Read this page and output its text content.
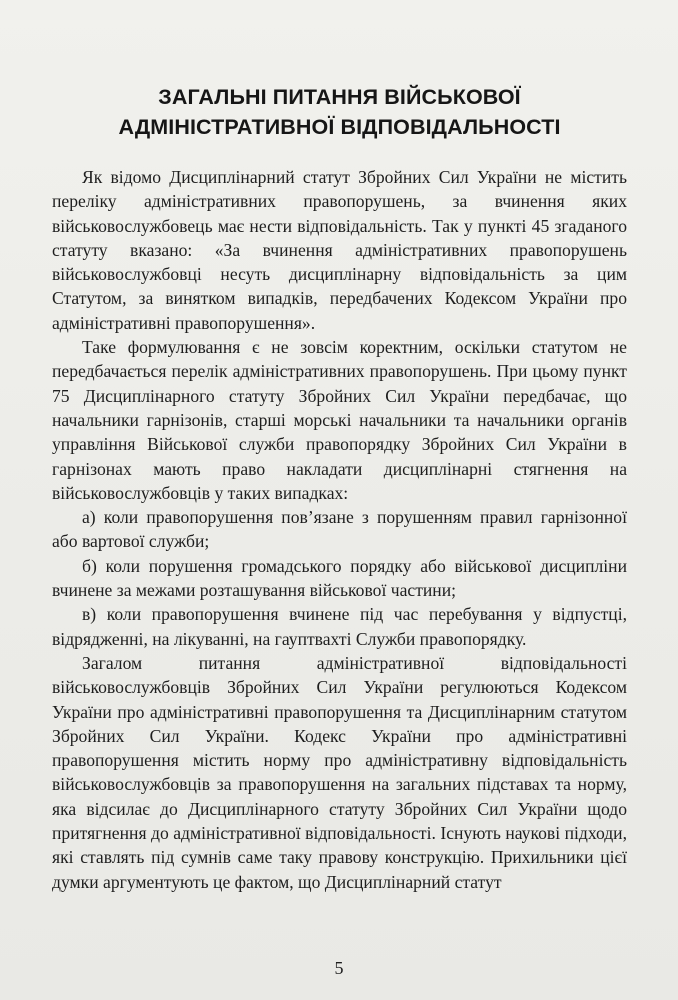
ЗАГАЛЬНІ ПИТАННЯ ВІЙСЬКОВОЇ
АДМІНІСТРАТИВНОЇ ВІДПОВІДАЛЬНОСТІ

Як відомо Дисциплінарний статут Збройних Сил України не містить переліку адміністративних правопорушень, за вчинення яких військовослужбовець має нести відповідальність. Так у пункті 45 згаданого статуту вказано: «За вчинення адміністративних правопорушень військовослужбовці несуть дисциплінарну відповідальність за цим Статутом, за винятком випадків, передбачених Кодексом України про адміністративні правопорушення».

Таке формулювання є не зовсім коректним, оскільки статутом не передбачається перелік адміністративних правопорушень. При цьому пункт 75 Дисциплінарного статуту Збройних Сил України передбачає, що начальники гарнізонів, старші морські начальники та начальники органів управління Військової служби правопорядку Збройних Сил України в гарнізонах мають право накладати дисциплінарні стягнення на військовослужбовців у таких випадках:

а) коли правопорушення пов’язане з порушенням правил гарнізонної або вартової служби;

б) коли порушення громадського порядку або військової дисципліни вчинене за межами розташування військової частини;

в) коли правопорушення вчинене під час перебування у відпустці, відрядженні, на лікуванні, на гауптвахті Служби правопорядку.

Загалом питання адміністративної відповідальності військовослужбовців Збройних Сил України регулюються Кодексом України про адміністративні правопорушення та Дисциплінарним статутом Збройних Сил України. Кодекс України про адміністративні правопорушення містить норму про адміністративну відповідальність військовослужбовців за правопорушення на загальних підставах та норму, яка відсилає до Дисциплінарного статуту Збройних Сил України щодо притягнення до адміністративної відповідальності. Існують наукові підходи, які ставлять під сумнів саме таку правову конструкцію. Прихильники цієї думки аргументують це фактом, що Дисциплінарний статут

5
